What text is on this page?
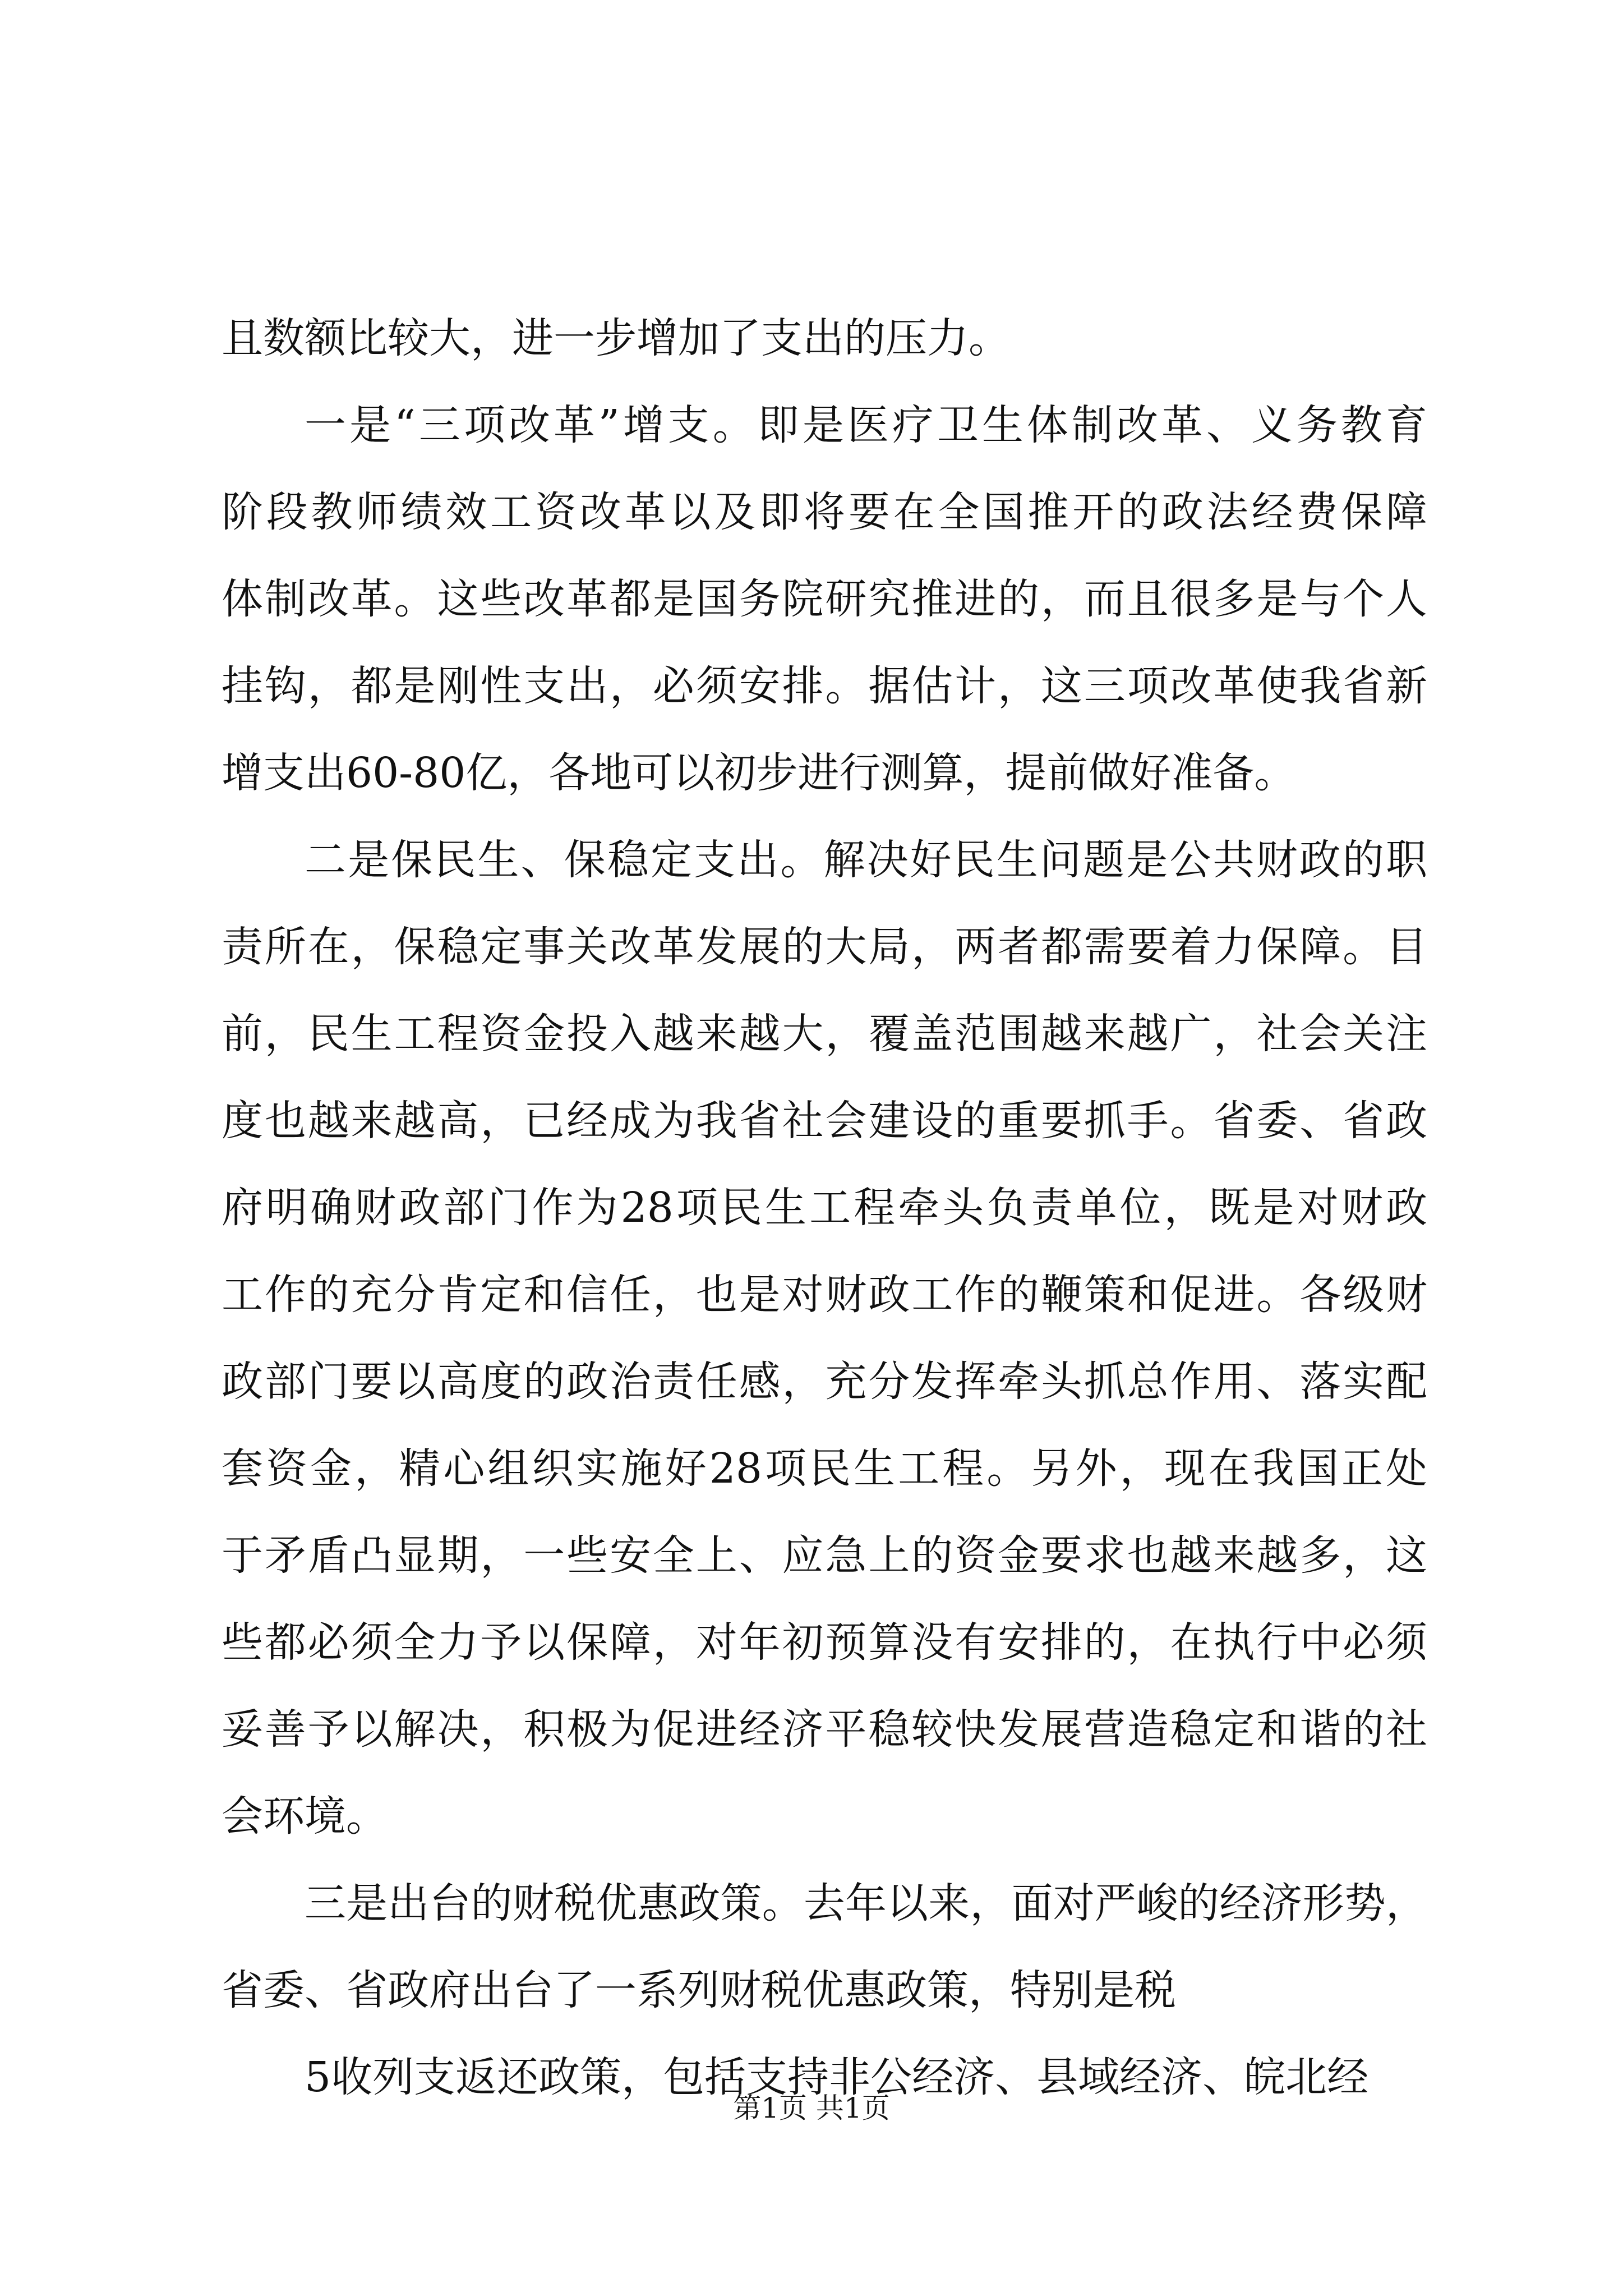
且数额比较大，进一步增加了支出的压力。
一是“三项改革”增支。即是医疗卫生体制改革、义务教育
阶段教师绩效工资改革以及即将要在全国推开的政法经费保障
体制改革。这些改革都是国务院研究推进的，而且很多是与个人
挂钩，都是刚性支出，必须安排。据估计，这三项改革使我省新
增支出60-80亿，各地可以初步进行测算，提前做好准备。
二是保民生、保稳定支出。解决好民生问题是公共财政的职
责所在，保稳定事关改革发展的大局，两者都需要着力保障。目
前，民生工程资金投入越来越大，覆盖范围越来越广，社会关注
度也越来越高，已经成为我省社会建设的重要抓手。省委、省政
府明确财政部门作为28项民生工程牵头负责单位，既是对财政
工作的充分肯定和信任，也是对财政工作的鞭策和促进。各级财
政部门要以高度的政治责任感，充分发挥牵头抓总作用、落实配
套资金，精心组织实施好28项民生工程。另外，现在我国正处
于矛盾凸显期，一些安全上、应急上的资金要求也越来越多，这
些都必须全力予以保障，对年初预算没有安排的，在执行中必须
妥善予以解决，积极为促进经济平稳较快发展营造稳定和谐的社
会环境。
三是出台的财税优惠政策。去年以来，面对严峻的经济形势，
省委、省政府出台了一系列财税优惠政策，特别是税
5收列支返还政策，包括支持非公经济、县域经济、皖北经
第1页 共1页
